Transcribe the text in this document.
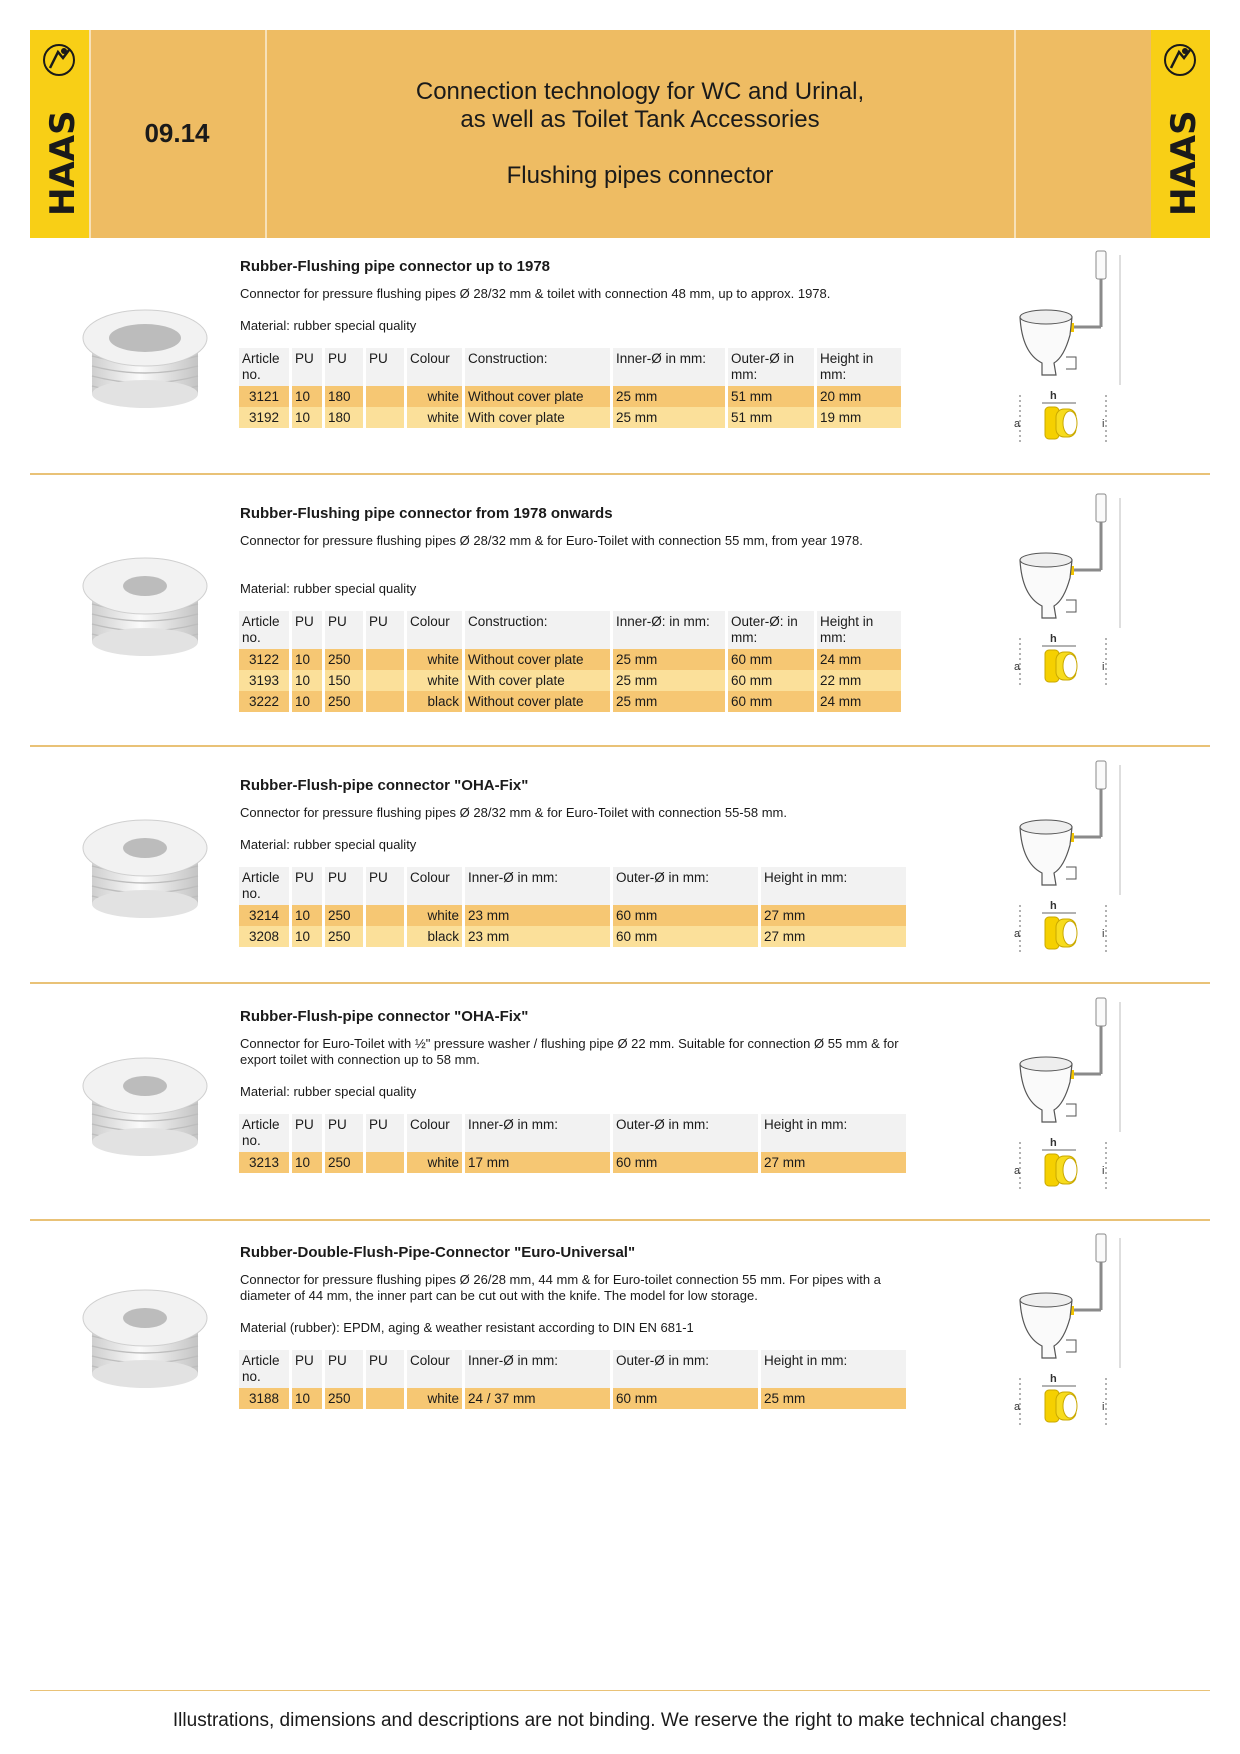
HAAS	09.14
Connection technology for WC and Urinal,
as well as Toilet Tank Accessories
Flushing pipes connector	HAAS
Rubber-Flushing pipe connector up to 1978
Connector for pressure flushing pipes Ø 28/32 mm & toilet with connection 48 mm, up to approx. 1978.
Material: rubber special quality
Article no.	PU	PU	PU	Colour	Construction:	Inner-Ø in mm:	Outer-Ø in mm:	Height in mm:
3121	10	180		white	Without cover plate	25 mm	51 mm	20 mm
3192	10	180		white	With cover plate	25 mm	51 mm	19 mm
h
a	i
Rubber-Flushing pipe connector from 1978 onwards
Connector for pressure flushing pipes Ø 28/32 mm & for Euro-Toilet with connection 55 mm, from year 1978.
Material: rubber special quality
Article no.	PU	PU	PU	Colour	Construction:	Inner-Ø: in mm:	Outer-Ø: in mm:	Height in mm:
3122	10	250		white	Without cover plate	25 mm	60 mm	24 mm
3193	10	150		white	With cover plate	25 mm	60 mm	22 mm
3222	10	250		black	Without cover plate	25 mm	60 mm	24 mm
h
a	i
Rubber-Flush-pipe connector "OHA-Fix"
Connector for pressure flushing pipes Ø 28/32 mm & for Euro-Toilet with connection 55-58 mm.
Material: rubber special quality
Article no.	PU	PU	PU	Colour	Inner-Ø in mm:	Outer-Ø in mm:	Height in mm:
3214	10	250		white	23 mm	60 mm	27 mm
3208	10	250		black	23 mm	60 mm	27 mm
h
a	i
Rubber-Flush-pipe connector "OHA-Fix"
Connector for Euro-Toilet with ½" pressure washer / flushing pipe Ø 22 mm. Suitable for connection Ø 55 mm & for export toilet with connection up to 58 mm.
Material: rubber special quality
Article no.	PU	PU	PU	Colour	Inner-Ø in mm:	Outer-Ø in mm:	Height in mm:
3213	10	250		white	17 mm	60 mm	27 mm
h
a	i
Rubber-Double-Flush-Pipe-Connector "Euro-Universal"
Connector for pressure flushing pipes Ø 26/28 mm, 44 mm & for Euro-toilet connection 55 mm. For pipes with a diameter of 44 mm, the inner part can be cut out with the knife. The model for low storage.
Material (rubber): EPDM, aging & weather resistant according to DIN EN 681-1
Article no.	PU	PU	PU	Colour	Inner-Ø in mm:	Outer-Ø in mm:	Height in mm:
3188	10	250		white	24 / 37 mm	60 mm	25 mm
h
a	i
Illustrations, dimensions and descriptions are not binding. We reserve the right to make technical changes!
